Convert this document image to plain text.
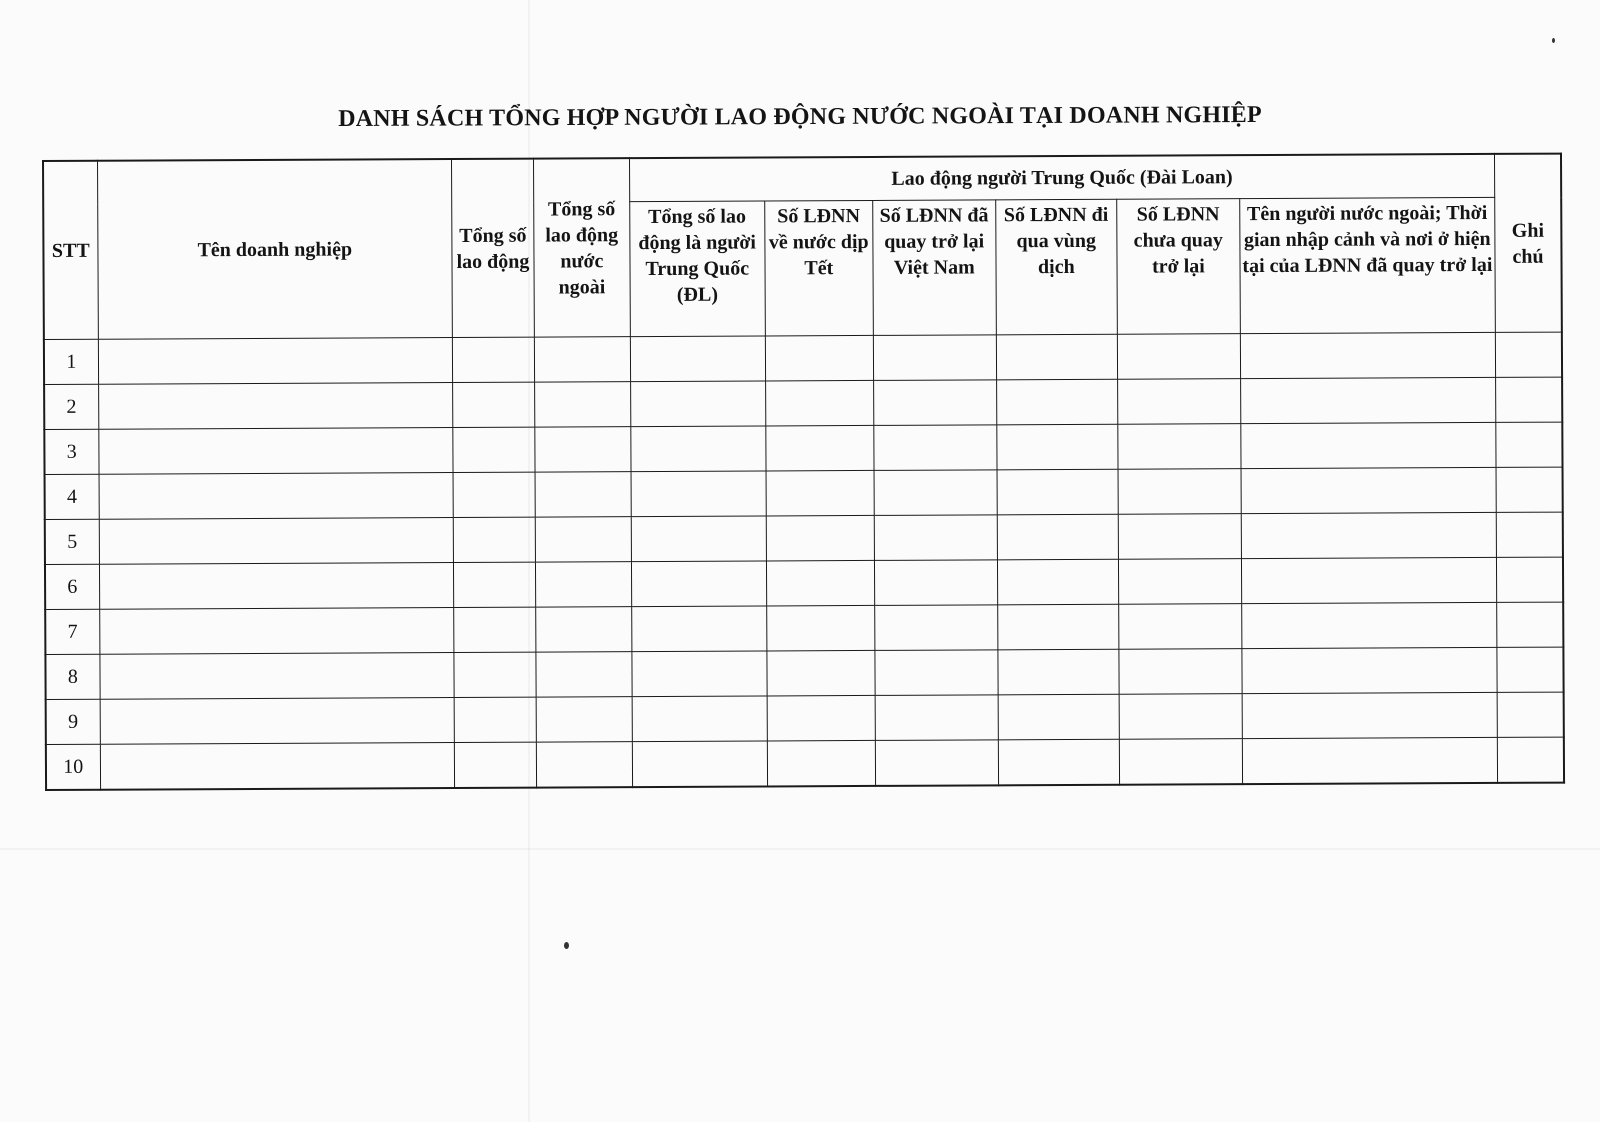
DANH SÁCH TỔNG HỢP NGƯỜI LAO ĐỘNG NƯỚC NGOÀI TẠI DOANH NGHIỆP
STT	Tên doanh nghiệp	Tổng số lao động	Tổng số lao động nước ngoài	Lao động người Trung Quốc (Đài Loan)						Ghi chú
				Tổng số lao động là người Trung Quốc (ĐL)	Số LĐNN về nước dịp Tết	Số LĐNN đã quay trở lại Việt Nam	Số LĐNN đi qua vùng dịch	Số LĐNN chưa quay trở lại	Tên người nước ngoài; Thời gian nhập cảnh và nơi ở hiện tại của LĐNN đã quay trở lại	
1										
2										
3										
4										
5										
6										
7										
8										
9										
10										
